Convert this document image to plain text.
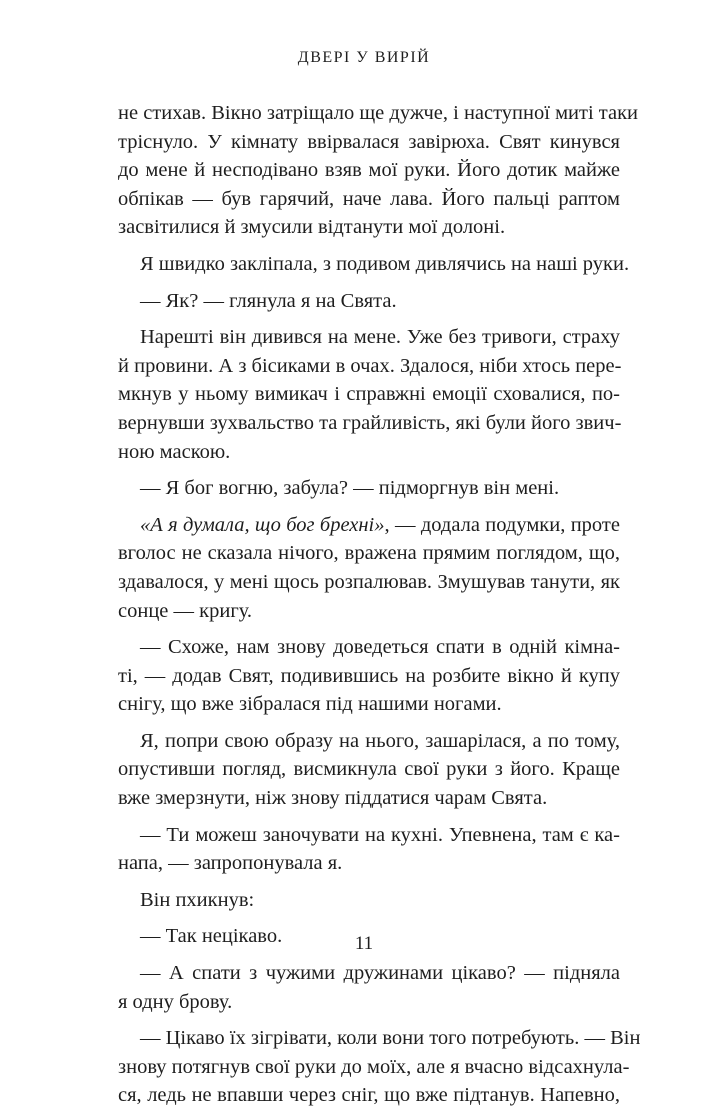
ДВЕРІ У ВИРІЙ
не стихав. Вікно затріщало ще дужче, і наступної миті таки
тріснуло. У кімнату ввірвалася завірюха. Свят кинувся
до мене й несподівано взяв мої руки. Його дотик майже
обпікав — був гарячий, наче лава. Його пальці раптом
засвітилися й змусили відтанути мої долоні.
Я швидко закліпала, з подивом дивлячись на наші руки.
— Як? — глянула я на Свята.
Нарешті він дивився на мене. Уже без тривоги, страху
й провини. А з бісиками в очах. Здалося, ніби хтось пере-
мкнув у ньому вимикач і справжні емоції сховалися, по-
вернувши зухвальство та грайливість, які були його звич-
ною маскою.
— Я бог вогню, забула? — підморгнув він мені.
«А я думала, що бог брехні», — додала подумки, проте
вголос не сказала нічого, вражена прямим поглядом, що,
здавалося, у мені щось розпалював. Змушував танути, як
сонце — кригу.
— Схоже, нам знову доведеться спати в одній кімна-
ті, — додав Свят, подивившись на розбите вікно й купу
снігу, що вже зібралася під нашими ногами.
Я, попри свою образу на нього, зашарілася, а по тому,
опустивши погляд, висмикнула свої руки з його. Краще
вже змерзнути, ніж знову піддатися чарам Свята.
— Ти можеш заночувати на кухні. Упевнена, там є ка-
напа, — запропонувала я.
Він пхикнув:
— Так нецікаво.
— А спати з чужими дружинами цікаво? — підняла
я одну брову.
— Цікаво їх зігрівати, коли вони того потребують. — Він
знову потягнув свої руки до моїх, але я вчасно відсахнула-
ся, ледь не впавши через сніг, що вже підтанув. Напевно,
11
